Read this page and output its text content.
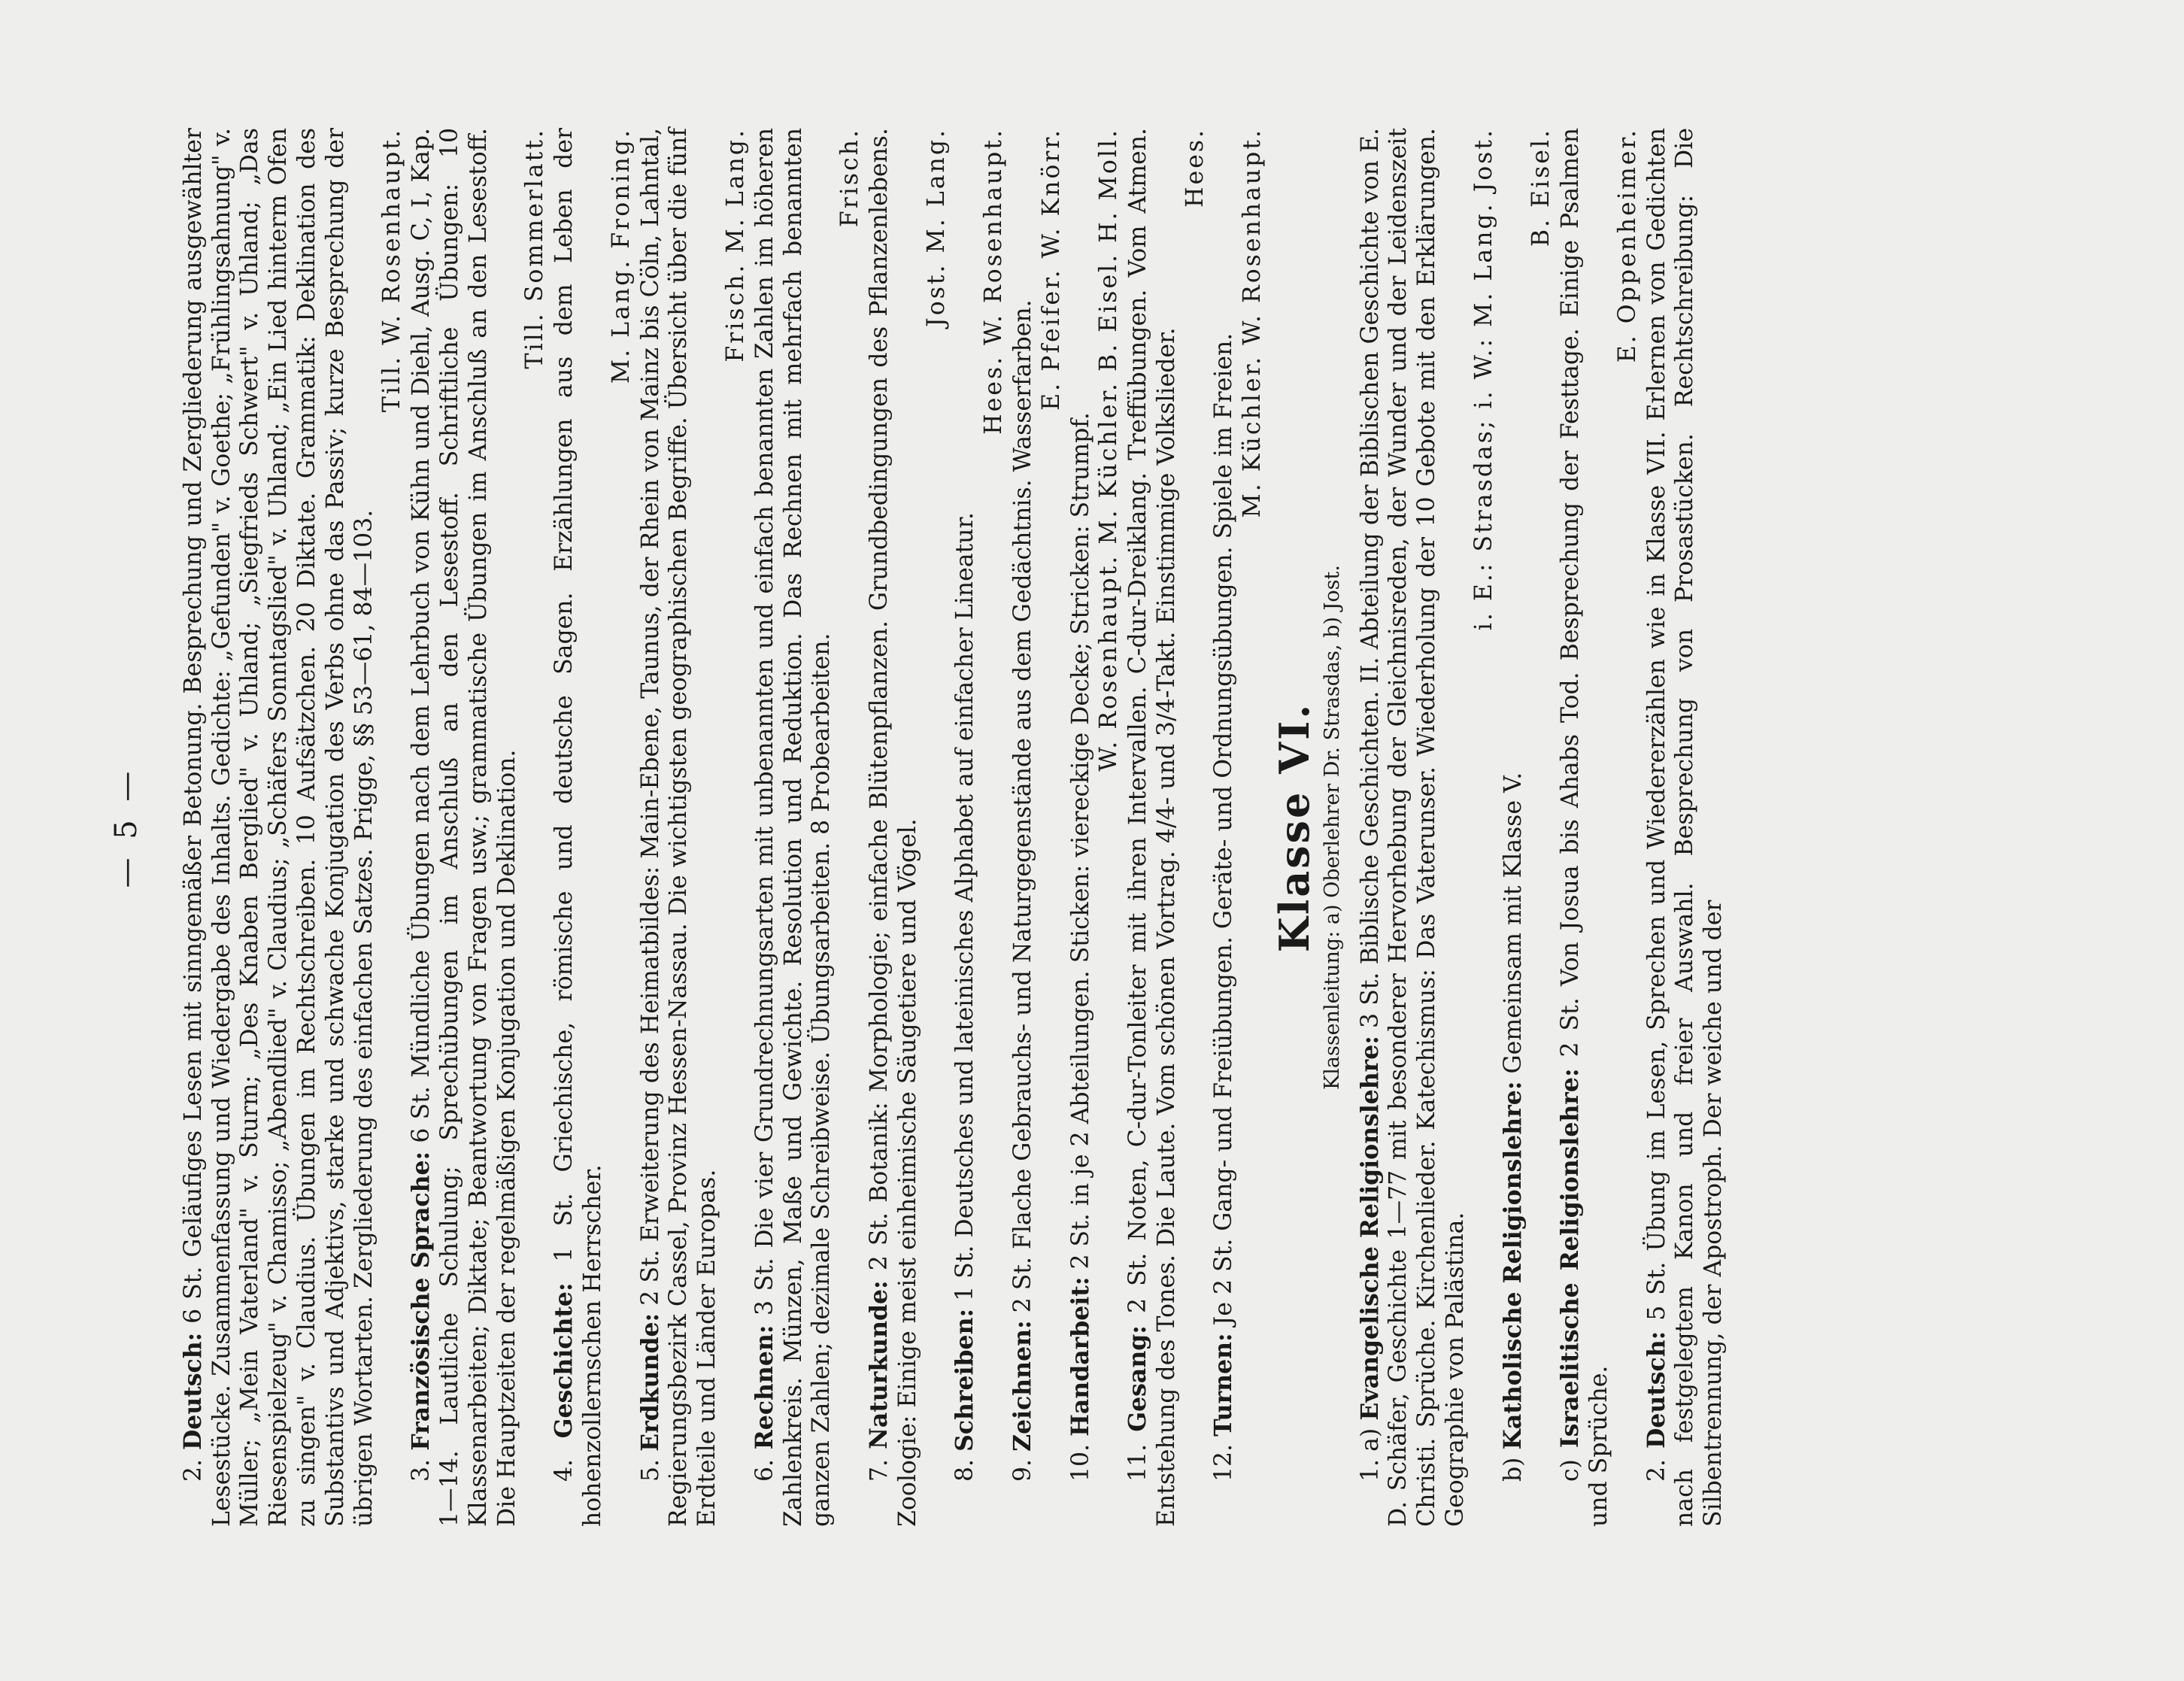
— 5 —

2. Deutsch: 6 St. Geläufiges Lesen mit sinngemäßer Betonung. Besprechung und Zergliederung ausgewählter Lesestücke. Zusammenfassung und Wiedergabe des Inhalts. Gedichte: „Gefunden" v. Goethe; „Frühlingsahnung" v. Müller; „Mein Vaterland" v. Sturm; „Des Knaben Berglied" v. Uhland; „Siegfrieds Schwert" v. Uhland; „Das Riesenspielzeug" v. Chamisso; „Abendlied" v. Claudius; „Schäfers Sonntagslied" v. Uhland; „Ein Lied hinterm Ofen zu singen" v. Claudius. Übungen im Rechtschreiben. 10 Aufsätzchen. 20 Diktate. Grammatik: Deklination des Substantivs und Adjektivs, starke und schwache Konjugation des Verbs ohne das Passiv; kurze Besprechung der übrigen Wortarten. Zergliederung des einfachen Satzes. Prigge, §§ 53—61, 84—103.
Till. W. Rosenhaupt.

3. Französische Sprache: 6 St. Mündliche Übungen nach dem Lehrbuch von Kühn und Diehl, Ausg. C, I, Kap. 1—14. Lautliche Schulung; Sprechübungen im Anschluß an den Lesestoff. Schriftliche Übungen: 10 Klassenarbeiten; Diktate; Beantwortung von Fragen usw.; grammatische Übungen im Anschluß an den Lesestoff. Die Hauptzeiten der regelmäßigen Konjugation und Deklination.
Till. Sommerlatt.

4. Geschichte: 1 St. Griechische, römische und deutsche Sagen. Erzählungen aus dem Leben der hohenzollernschen Herrscher.
M. Lang. Froning.

5. Erdkunde: 2 St. Erweiterung des Heimatbildes: Main-Ebene, Taunus, der Rhein von Mainz bis Cöln, Lahntal, Regierungsbezirk Cassel, Provinz Hessen-Nassau. Die wichtigsten geographischen Begriffe. Übersicht über die fünf Erdteile und Länder Europas.
Frisch. M. Lang.

6. Rechnen: 3 St. Die vier Grundrechnungsarten mit unbenannten und einfach benannten Zahlen im höheren Zahlenkreis. Münzen, Maße und Gewichte. Resolution und Reduktion. Das Rechnen mit mehrfach benannten ganzen Zahlen; dezimale Schreibweise. Übungsarbeiten. 8 Probearbeiten.
Frisch.

7. Naturkunde: 2 St. Botanik: Morphologie; einfache Blütenpflanzen. Grundbedingungen des Pflanzenlebens. Zoologie: Einige meist einheimische Säugetiere und Vögel.
Jost. M. Lang.

8. Schreiben: 1 St. Deutsches und lateinisches Alphabet auf einfacher Lineatur.
Hees. W. Rosenhaupt.

9. Zeichnen: 2 St. Flache Gebrauchs- und Naturgegenstände aus dem Gedächtnis. Wasserfarben.
E. Pfeifer. W. Knörr.

10. Handarbeit: 2 St. in je 2 Abteilungen. Sticken: viereckige Decke; Stricken: Strumpf. W. Rosenhaupt. M. Küchler. B. Eisel. H. Moll.

11. Gesang: 2 St. Noten, C-dur-Tonleiter mit ihren Intervallen. C-dur-Dreiklang. Treffübungen. Vom Atmen. Entstehung des Tones. Die Laute. Vom schönen Vortrag. 4/4- und 3/4-Takt. Einstimmige Volkslieder.
Hees.

12. Turnen: Je 2 St. Gang- und Freiübungen. Geräte- und Ordnungsübungen. Spiele im Freien.
M. Küchler. W. Rosenhaupt.

Klasse VI. Klassenleitung: a) Oberlehrer Dr. Strasdas, b) Jost.

1. a) Evangelische Religionslehre: 3 St. Biblische Geschichten. II. Abteilung der Biblischen Geschichte von E. D. Schäfer, Geschichte 1—77 mit besonderer Hervorhebung der Gleichnisreden, der Wunder und der Leidenszeit Christi. Sprüche. Kirchenlieder. Katechismus: Das Vaterunser. Wiederholung der 10 Gebote mit den Erklärungen. Geographie von Palästina.
i. E.: Strasdas; i. W.: M. Lang. Jost.

b) Katholische Religionslehre: Gemeinsam mit Klasse V.
B. Eisel.

c) Israelitische Religionslehre: 2 St. Von Josua bis Ahabs Tod. Besprechung der Festtage. Einige Psalmen und Sprüche.
E. Oppenheimer.

2. Deutsch: 5 St. Übung im Lesen, Sprechen und Wiedererzählen wie in Klasse VII. Erlernen von Gedichten nach festgelegtem Kanon und freier Auswahl. Besprechung von Prosastücken. Rechtschreibung: Die Silbentrennung, der Apostroph. Der weiche und der
